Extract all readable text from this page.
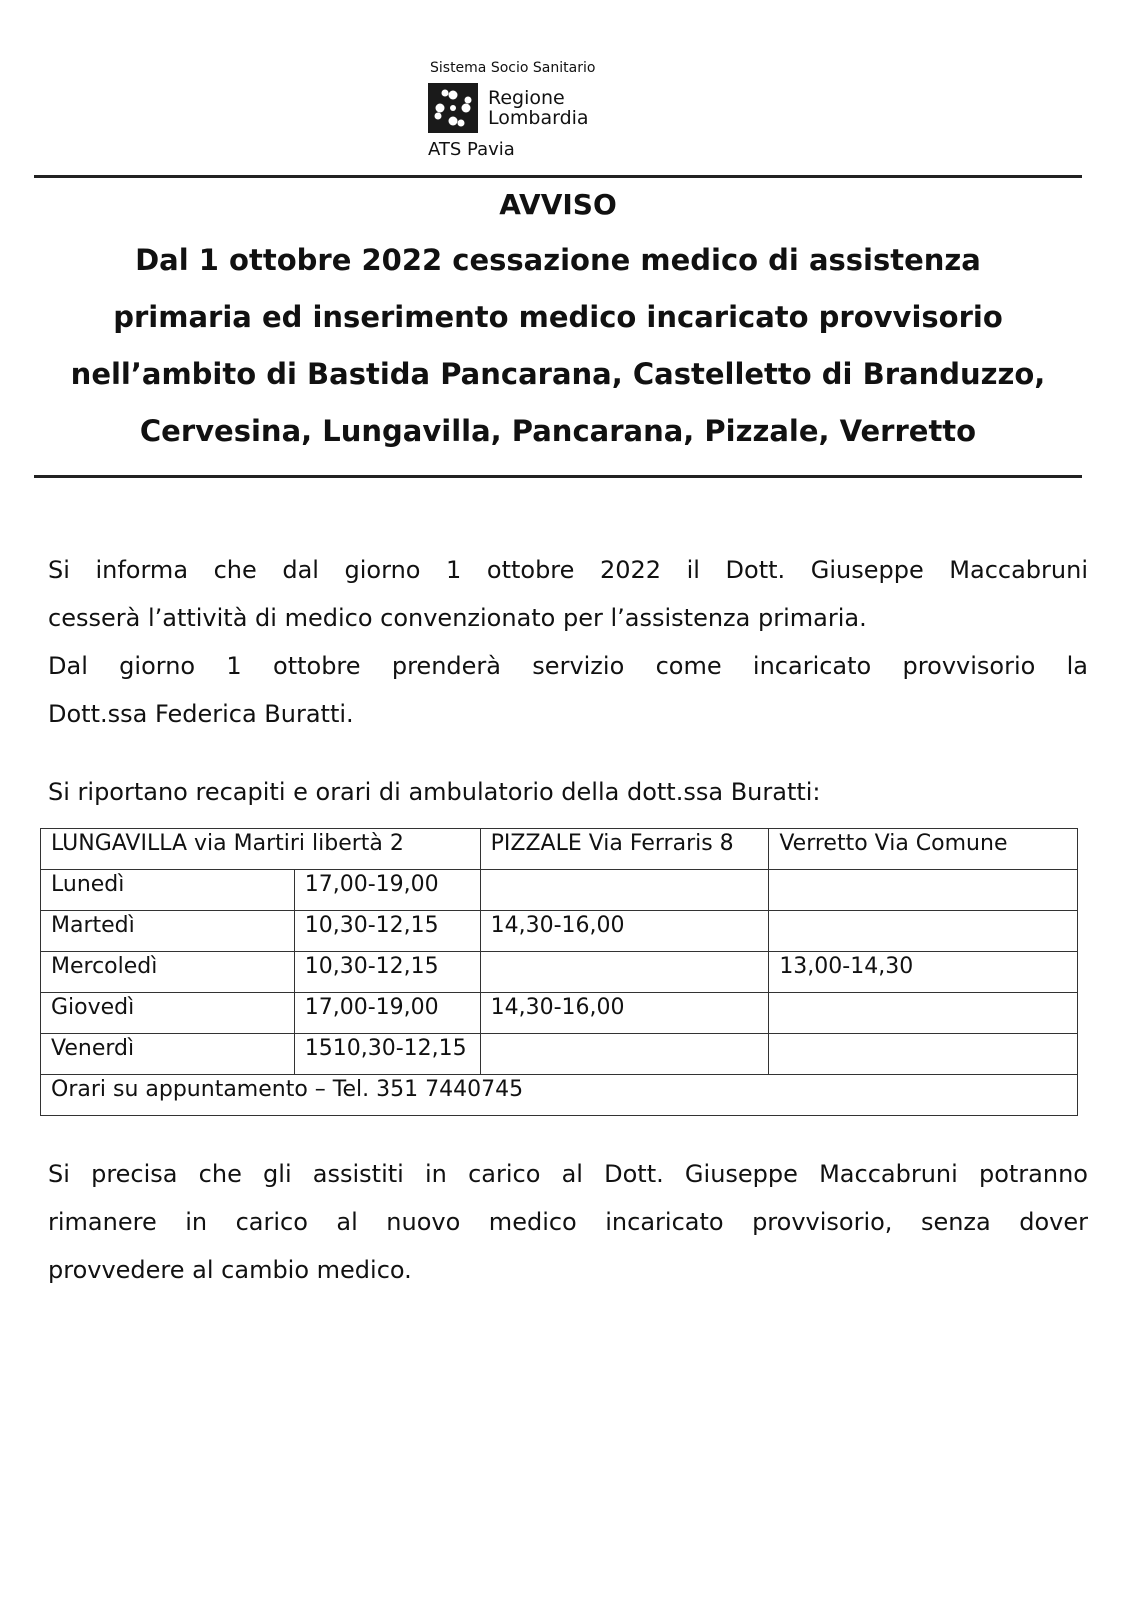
Sistema Socio Sanitario
Regione
Lombardia
ATS Pavia
AVVISO
Dal 1 ottobre 2022 cessazione medico di assistenza
primaria ed inserimento medico incaricato provvisorio
nell’ambito di Bastida Pancarana, Castelletto di Branduzzo,
Cervesina, Lungavilla, Pancarana, Pizzale, Verretto

Si informa che dal giorno 1 ottobre 2022 il Dott. Giuseppe Maccabruni
cesserà l’attività di medico convenzionato per l’assistenza primaria.
Dal giorno 1 ottobre prenderà servizio come incaricato provvisorio la
Dott.ssa Federica Buratti.

Si riportano recapiti e orari di ambulatorio della dott.ssa Buratti:

LUNGAVILLA via Martiri libertà 2		PIZZALE Via Ferraris 8	Verretto Via Comune
Lunedì	17,00-19,00		
Martedì	10,30-12,15	14,30-16,00	
Mercoledì	10,30-12,15		13,00-14,30
Giovedì	17,00-19,00	14,30-16,00	
Venerdì	1510,30-12,15		
Orari su appuntamento – Tel. 351 7440745			

Si precisa che gli assistiti in carico al Dott. Giuseppe Maccabruni potranno
rimanere in carico al nuovo medico incaricato provvisorio, senza dover
provvedere al cambio medico.
